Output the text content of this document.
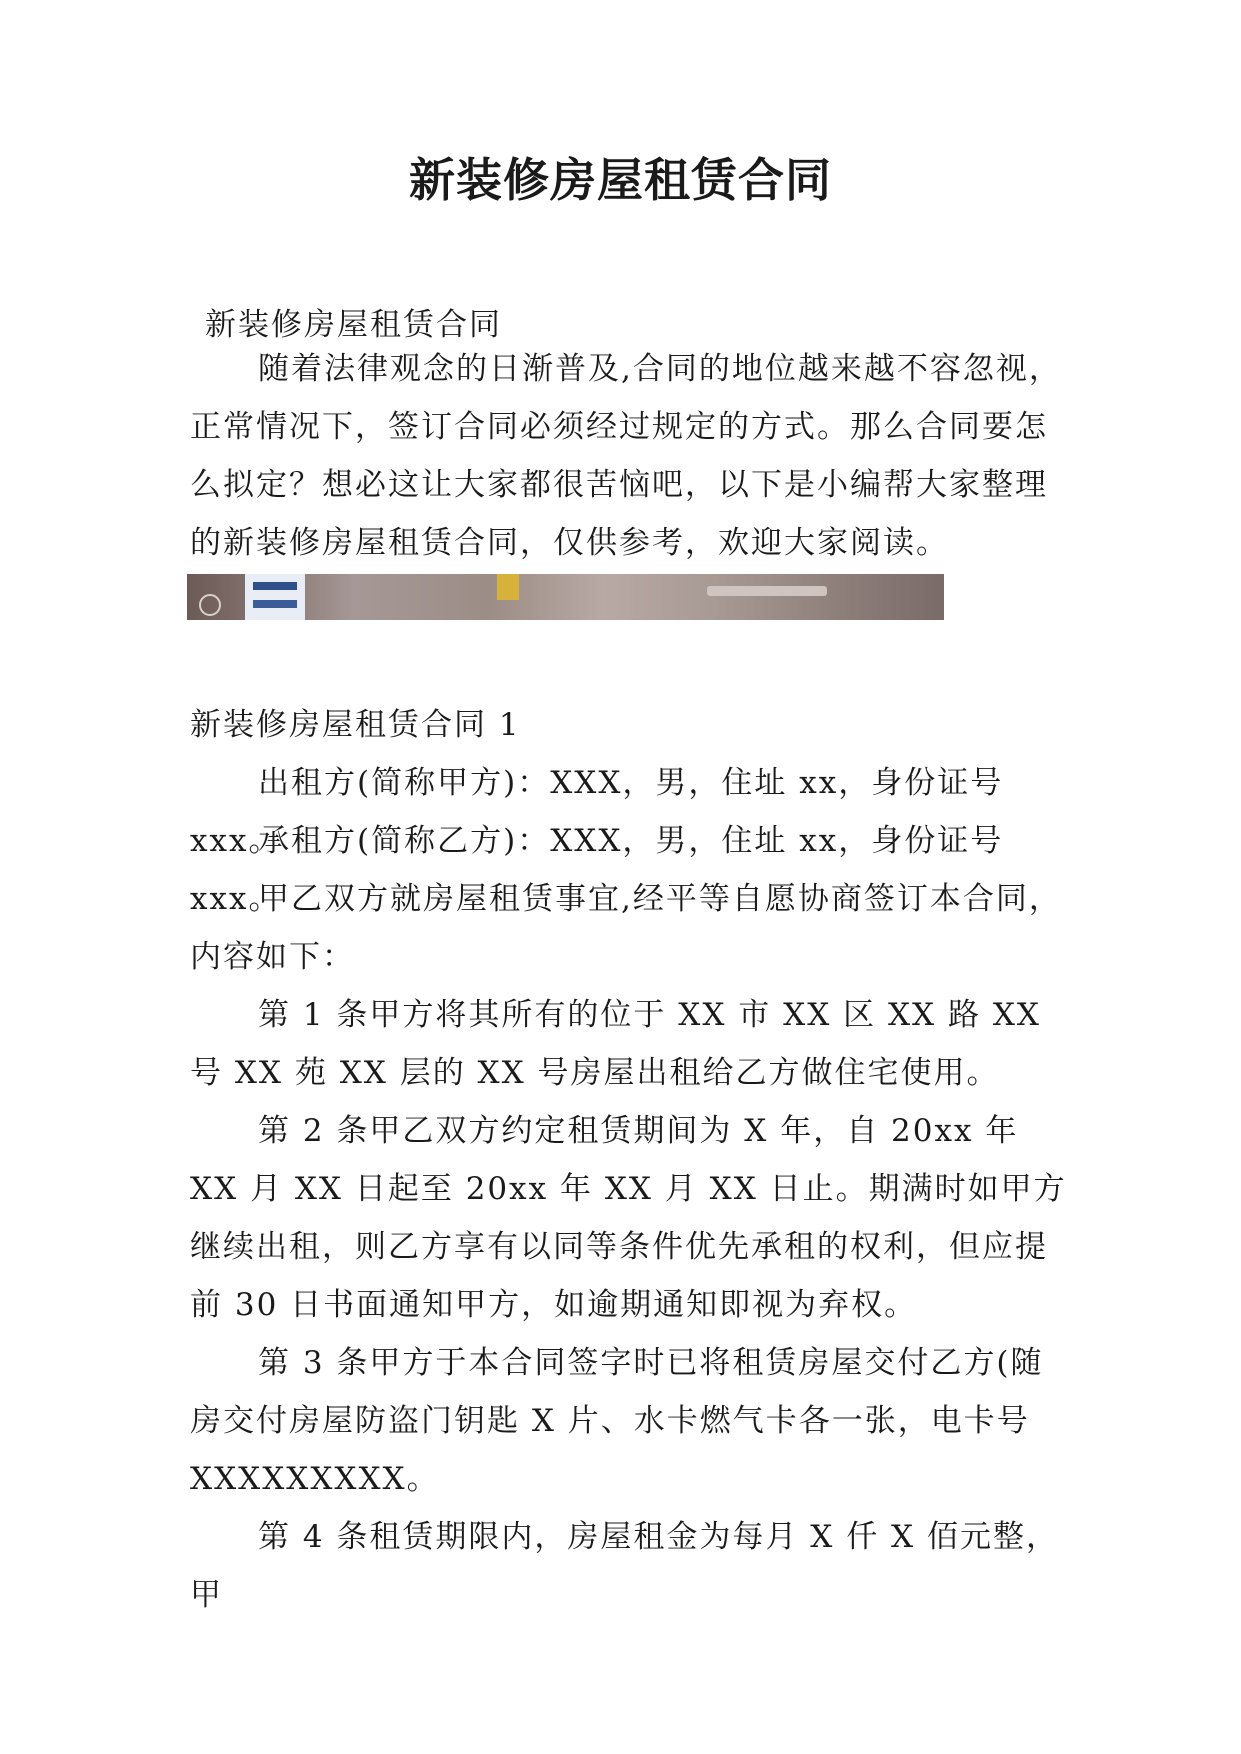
新装修房屋租赁合同

新装修房屋租赁合同

随着法律观念的日渐普及,合同的地位越来越不容忽视，正常情况下，签订合同必须经过规定的方式。那么合同要怎么拟定？想必这让大家都很苦恼吧，以下是小编帮大家整理的新装修房屋租赁合同，仅供参考，欢迎大家阅读。

新装修房屋租赁合同 1

出租方(简称甲方)：XXX，男，住址 xx，身份证号 xxx。

承租方(简称乙方)：XXX，男，住址 xx，身份证号 xxx。

甲乙双方就房屋租赁事宜,经平等自愿协商签订本合同，内容如下：

第 1 条甲方将其所有的位于 XX 市 XX 区 XX 路 XX 号 XX 苑 XX 层的 XX 号房屋出租给乙方做住宅使用。

第 2 条甲乙双方约定租赁期间为 X 年，自 20xx 年 XX 月 XX 日起至 20xx 年 XX 月 XX 日止。期满时如甲方继续出租，则乙方享有以同等条件优先承租的权利，但应提前 30 日书面通知甲方，如逾期通知即视为弃权。

第 3 条甲方于本合同签字时已将租赁房屋交付乙方(随房交付房屋防盗门钥匙 X 片、水卡燃气卡各一张，电卡号 XXXXXXXXX。

第 4 条租赁期限内，房屋租金为每月 X 仟 X 佰元整，甲
